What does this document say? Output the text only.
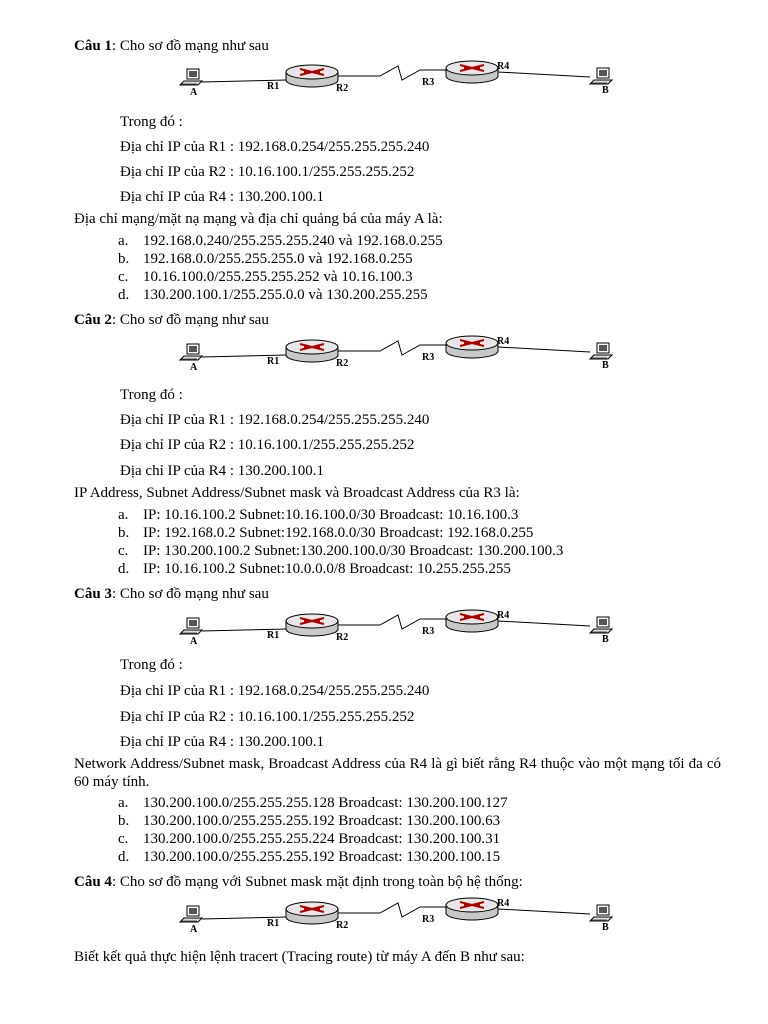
Câu 1: Cho sơ đồ mạng như sau
A
R1	R2
R3
R4
B
Trong đó :
Địa chỉ IP của R1 : 192.168.0.254/255.255.255.240
Địa chỉ IP của R2 : 10.16.100.1/255.255.255.252
Địa chỉ IP của R4 : 130.200.100.1
Địa chỉ mạng/mặt nạ mạng và địa chỉ quảng bá của máy A là:
a. 192.168.0.240/255.255.255.240 và 192.168.0.255
b. 192.168.0.0/255.255.255.0 và 192.168.0.255
c. 10.16.100.0/255.255.255.252 và 10.16.100.3
d. 130.200.100.1/255.255.0.0 và 130.200.255.255
Câu 2: Cho sơ đồ mạng như sau
A
R1	R2
R3
R4
B
Trong đó :
Địa chỉ IP của R1 : 192.168.0.254/255.255.255.240
Địa chỉ IP của R2 : 10.16.100.1/255.255.255.252
Địa chỉ IP của R4 : 130.200.100.1
IP Address, Subnet Address/Subnet mask và Broadcast Address của R3 là:
a. IP: 10.16.100.2 Subnet:10.16.100.0/30 Broadcast: 10.16.100.3
b. IP: 192.168.0.2 Subnet:192.168.0.0/30 Broadcast: 192.168.0.255
c. IP: 130.200.100.2 Subnet:130.200.100.0/30 Broadcast: 130.200.100.3
d. IP: 10.16.100.2 Subnet:10.0.0.0/8 Broadcast: 10.255.255.255
Câu 3: Cho sơ đồ mạng như sau
A
R1	R2
R3
R4
B
Trong đó :
Địa chỉ IP của R1 : 192.168.0.254/255.255.255.240
Địa chỉ IP của R2 : 10.16.100.1/255.255.255.252
Địa chỉ IP của R4 : 130.200.100.1
Network Address/Subnet mask, Broadcast Address của R4 là gì biết rằng R4 thuộc vào một mạng tối đa có 60 máy tính.
a. 130.200.100.0/255.255.255.128 Broadcast: 130.200.100.127
b. 130.200.100.0/255.255.255.192 Broadcast: 130.200.100.63
c. 130.200.100.0/255.255.255.224 Broadcast: 130.200.100.31
d. 130.200.100.0/255.255.255.192 Broadcast: 130.200.100.15
Câu 4: Cho sơ đồ mạng với Subnet mask mặt định trong toàn bộ hệ thống:
A
R1	R2
R3
R4
B
Biết kết quả thực hiện lệnh tracert (Tracing route) từ máy A đến B như sau:
